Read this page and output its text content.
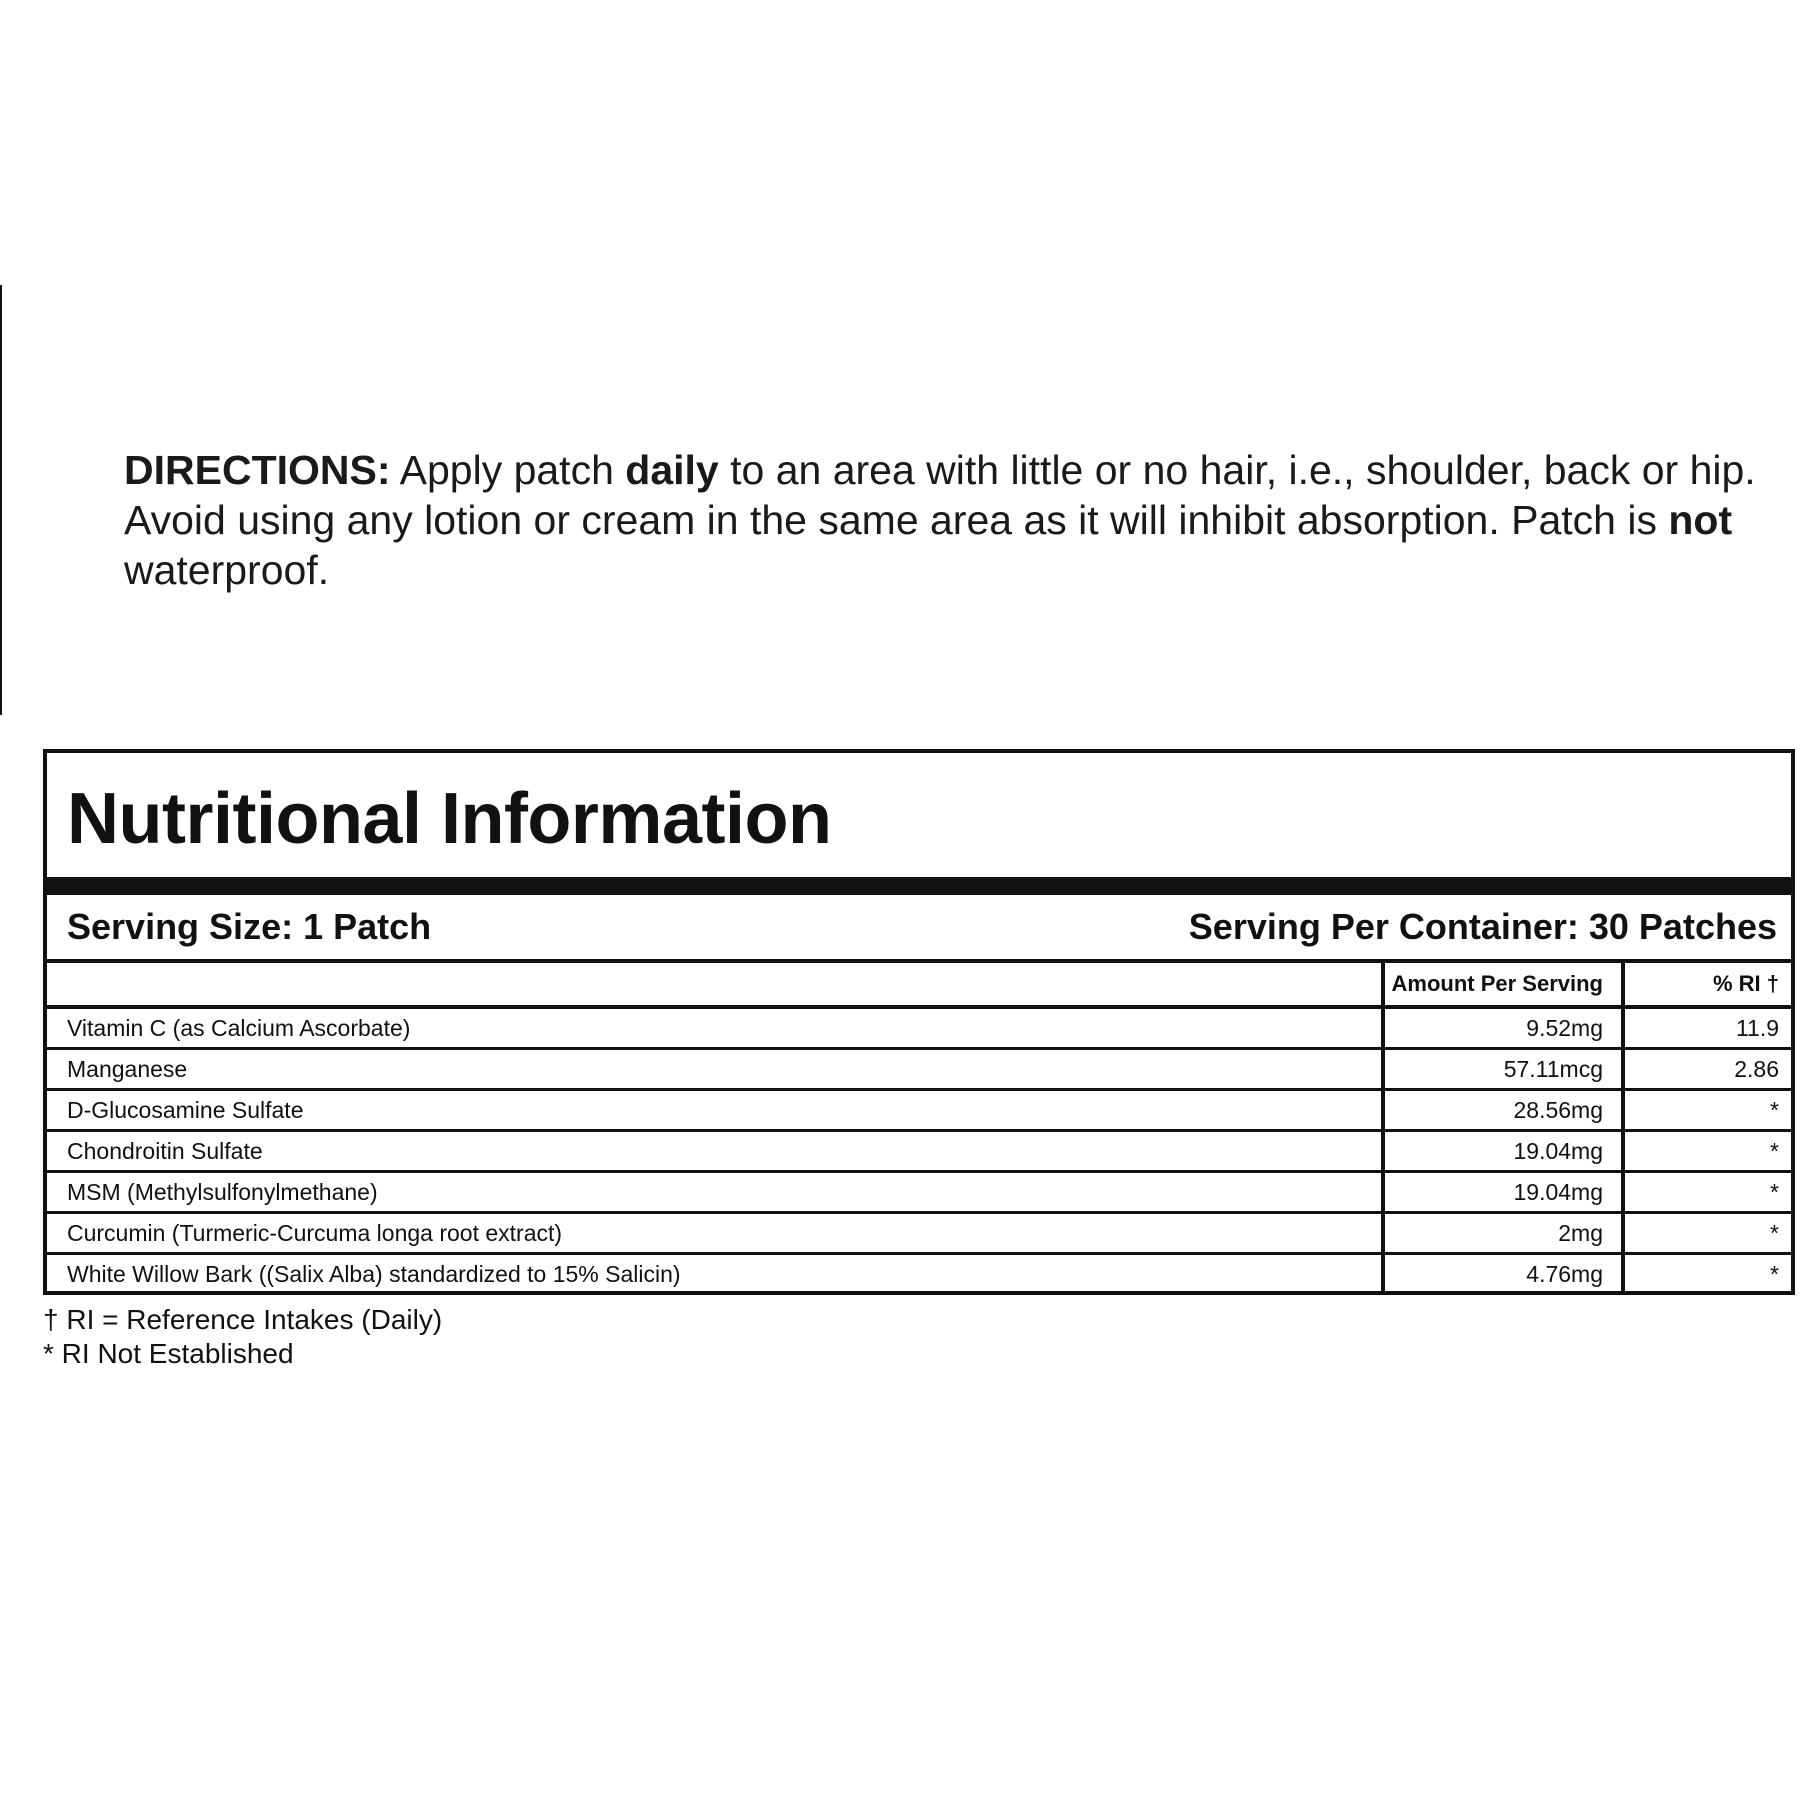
DIRECTIONS: Apply patch daily to an area with little or no hair, i.e., shoulder, back or hip. Avoid using any lotion or cream in the same area as it will inhibit absorption. Patch is not waterproof.
Nutritional Information
Serving Size: 1 Patch	Serving Per Container: 30 Patches
	Amount Per Serving	% RI †
Vitamin C (as Calcium Ascorbate)	9.52mg	11.9
Manganese	57.11mcg	2.86
D-Glucosamine Sulfate	28.56mg	*
Chondroitin Sulfate	19.04mg	*
MSM (Methylsulfonylmethane)	19.04mg	*
Curcumin (Turmeric-Curcuma longa root extract)	2mg	*
White Willow Bark ((Salix Alba) standardized to 15% Salicin)	4.76mg	*
† RI = Reference Intakes (Daily)
* RI Not Established
